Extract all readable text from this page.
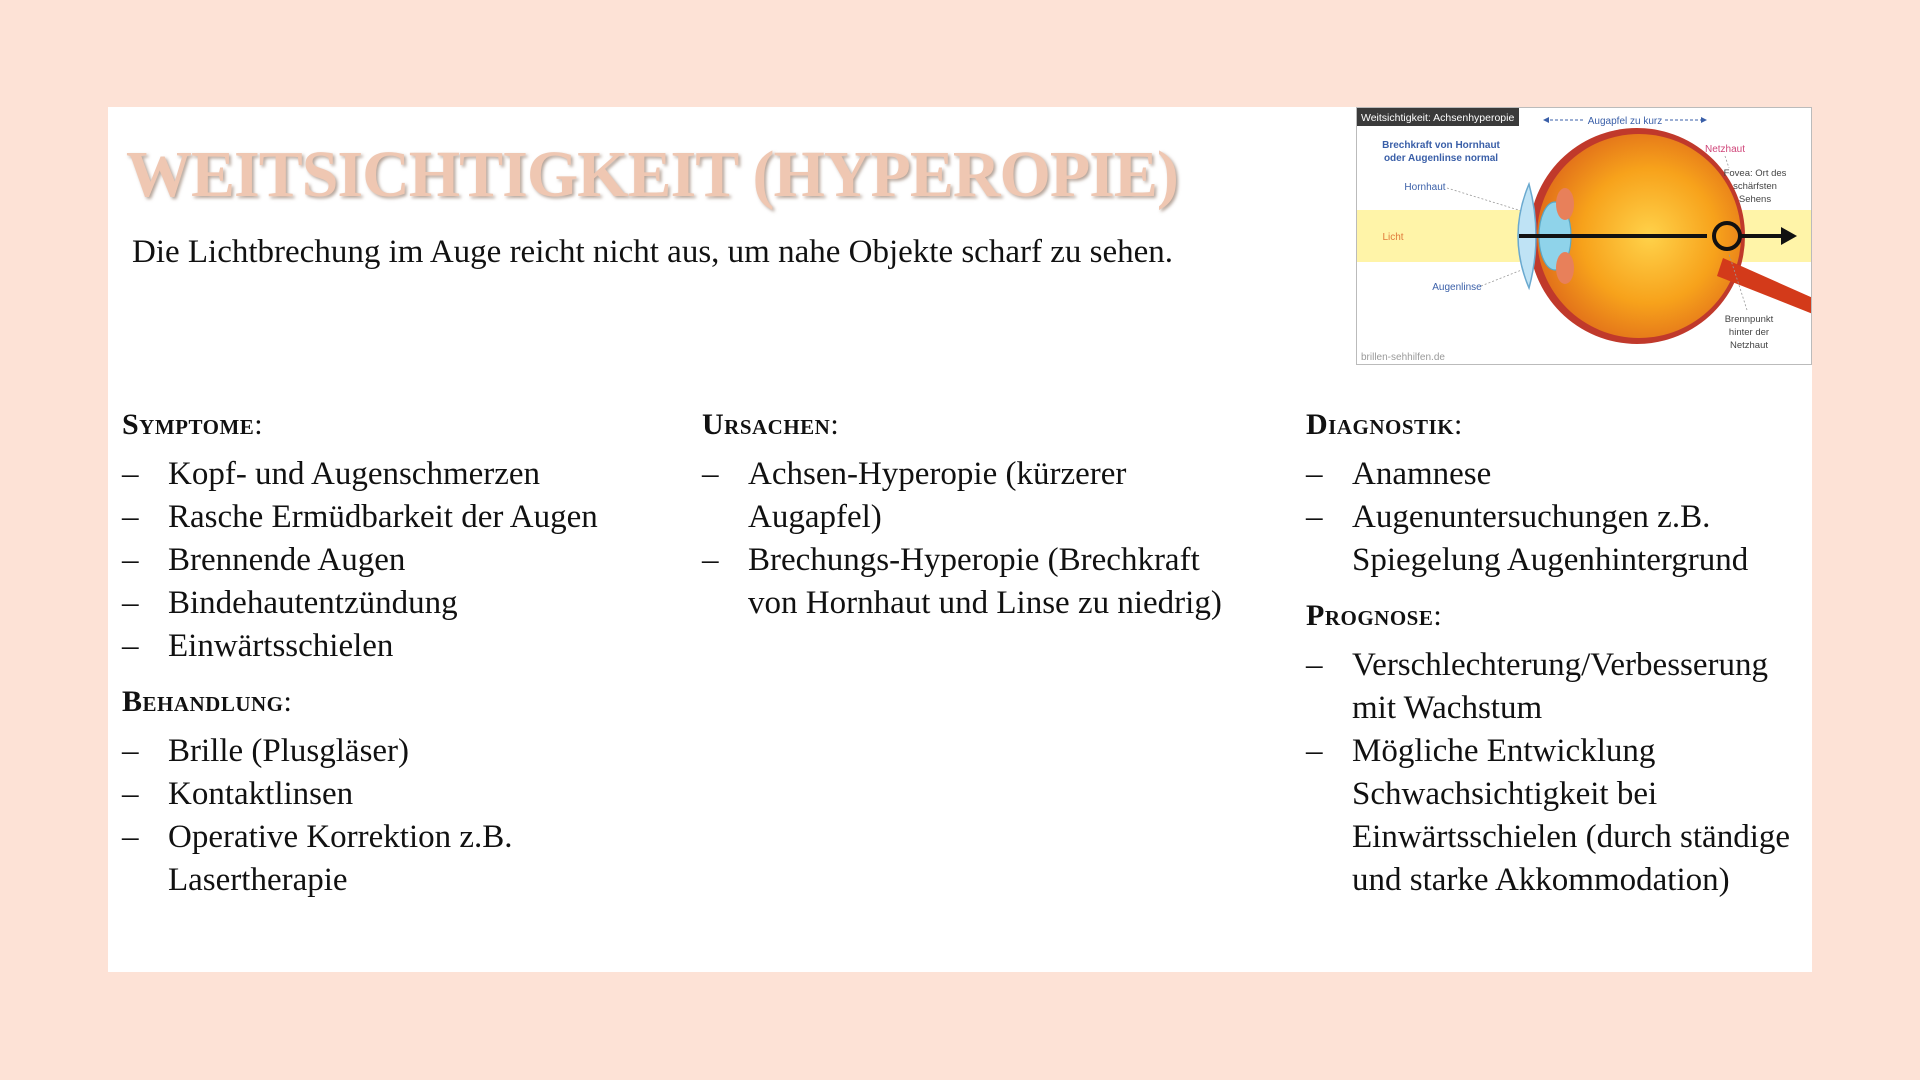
WEITSICHTIGKEIT (HYPEROPIE)
Die Lichtbrechung im Auge reicht nicht aus, um nahe Objekte scharf zu sehen.
Weitsichtigkeit: Achsenhyperopie	Augapfel zu kurz
Brechkraft von Hornhaut
oder Augenlinse normal
Hornhaut
Licht
Augenlinse
Netzhaut
Fovea: Ort des
schärfsten
Sehens
Brennpunkt
hinter der
Netzhaut
brillen-sehhilfen.de
Symptome:
– Kopf- und Augenschmerzen
– Rasche Ermüdbarkeit der Augen
– Brennende Augen
– Bindehautentzündung
– Einwärtsschielen
Behandlung:
– Brille (Plusgläser)
– Kontaktlinsen
– Operative Korrektion z.B. Lasertherapie
Ursachen:
– Achsen-Hyperopie (kürzerer Augapfel)
– Brechungs-Hyperopie (Brechkraft von Hornhaut und Linse zu niedrig)
Diagnostik:
– Anamnese
– Augenuntersuchungen z.B. Spiegelung Augenhintergrund
Prognose:
– Verschlechterung/Verbesserung mit Wachstum
– Mögliche Entwicklung Schwachsichtigkeit bei Einwärtsschielen (durch ständige und starke Akkommodation)
